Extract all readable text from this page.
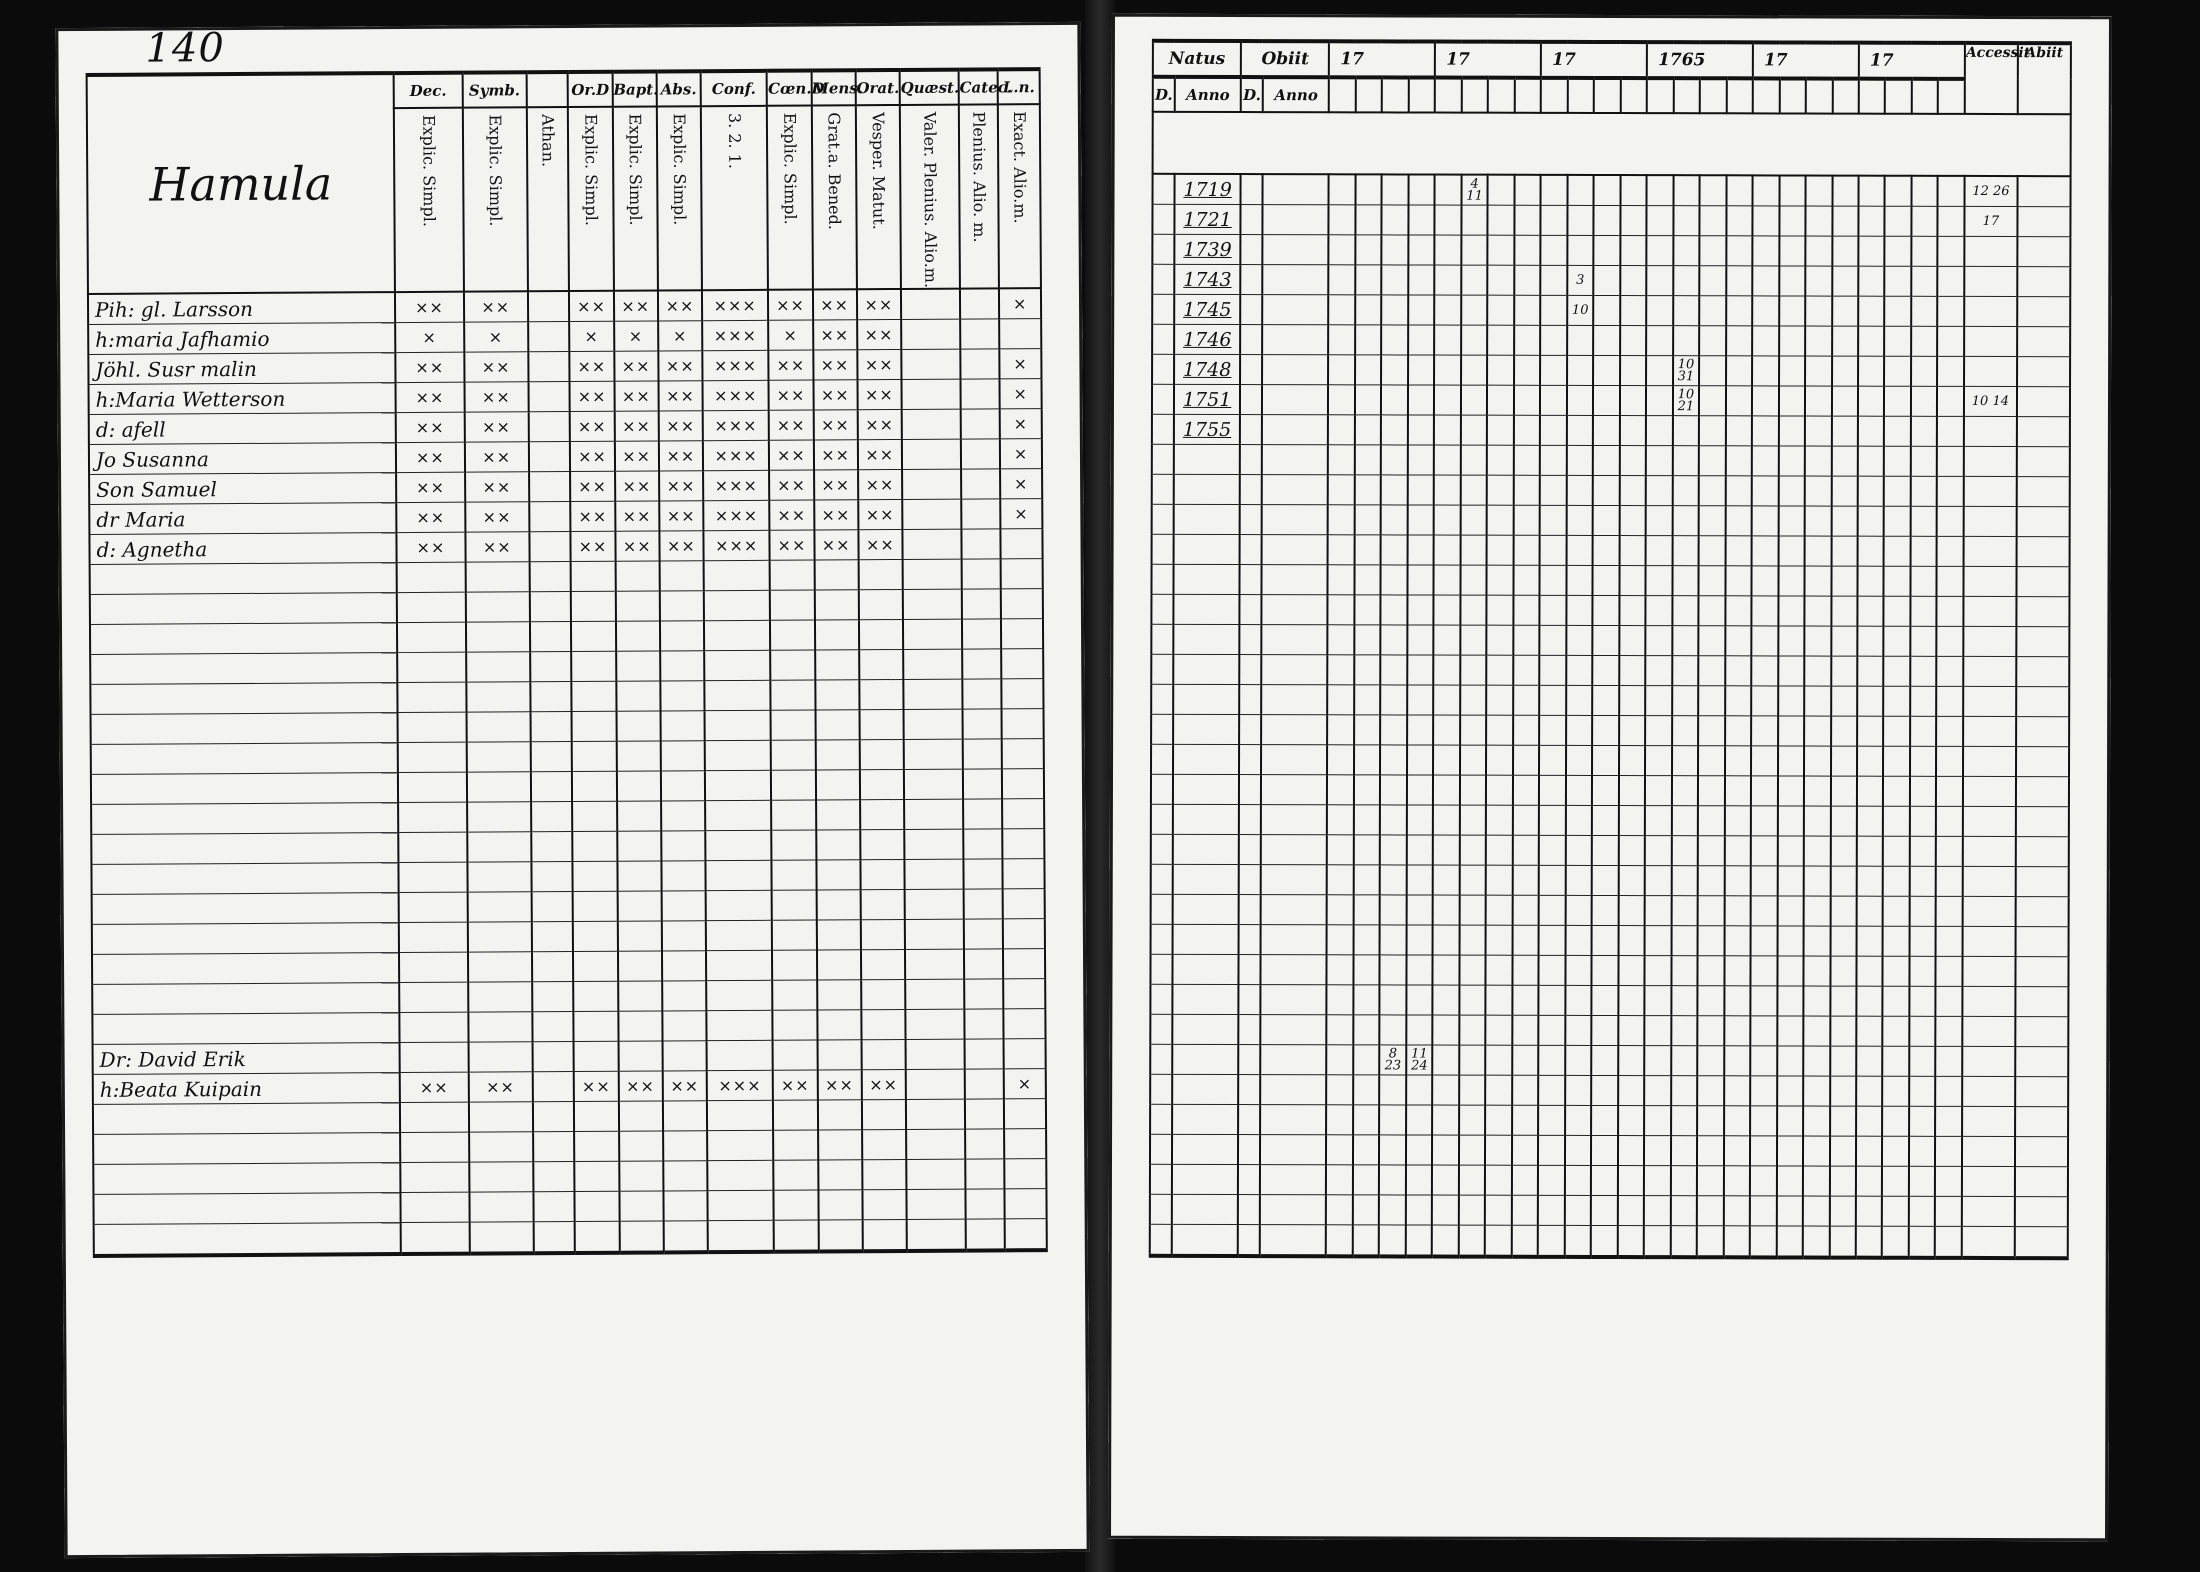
140
Hamula	Dec.	Symb.		Or.D	Bapt.	Abs.	Conf.	Cœn.D	Mens.	Orat.	Quæst.	Catec.	L.n.

	Explic. Simpl.	Explic. Simpl.	Athan.	Explic. Simpl.	Explic. Simpl.	Explic. Simpl.	3. 2. 1.	Explic. Simpl.	Grat.a. Bened.	Vesper. Matut.	Valer. Plenius. Alio.m.	Plenius. Alio. m.	Exact. Alio.m.

Pih: gl. Larsson	××	××		××	××	××	×××	××	××	××			×
h:maria Jafhamio	×	×		×	×	×	×××	×	××	××			
Jöhl. Susr malin	××	××		××	××	××	×××	××	××	××			×
h:Maria Wetterson	××	××		××	××	××	×××	××	××	××			×
d: afell	××	××		××	××	××	×××	××	××	××			×
Jo Susanna	××	××		××	××	××	×××	××	××	××			×
Son Samuel	××	××		××	××	××	×××	××	××	××			×
dr Maria	××	××		××	××	××	×××	××	××	××			×
d: Agnetha	××	××		××	××	××	×××	××	××	××			

Dr: David Erik													
h:Beata Kuipain	××	××		××	××	××	×××	××	××	××			×

Natus		Obiit		17				17				17				1765				17				17				Accessit	Abiit
D.	Anno	D.	Anno																										

	1719								4 11																			12 26	
	1721																											17	
	1739																												
	1743												3																
	1745												10																
	1746																												
	1748																10 31												
	1751																10 21											10 14	
	1755																												

						8 23	11 24																						
